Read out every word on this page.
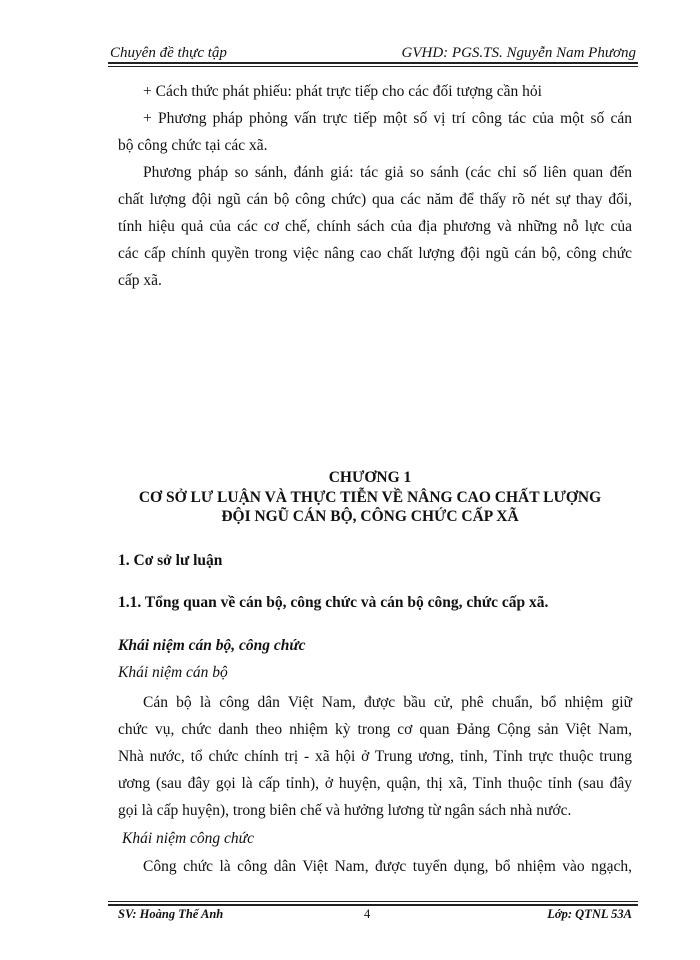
Chuyên đề thực tập	GVHD: PGS.TS. Nguyễn Nam Phương

+ Cách thức phát phiếu: phát trực tiếp cho các đối tượng cần hỏi

+ Phương pháp phỏng vấn trực tiếp một số vị trí công tác của một số cán

bộ công chức tại các xã.

Phương pháp so sánh, đánh giá: tác giả so sánh (các chỉ số liên quan đến

chất lượng đội ngũ cán bộ công chức) qua các năm để thấy rõ nét sự thay đổi,

tính hiệu quả của các cơ chế, chính sách của địa phương và những nỗ lực của

các cấp chính quyền trong việc nâng cao chất lượng đội ngũ cán bộ, công chức

cấp xã.

CHƯƠNG 1
CƠ SỞ LƯ LUẬN VÀ THỰC TIỄN VỀ NÂNG CAO CHẤT LƯỢNG
ĐỘI NGŨ CÁN BỘ, CÔNG CHỨC CẤP XÃ
1. Cơ sở lư luận
1.1. Tổng quan về cán bộ, công chức và cán bộ công, chức cấp xã.
Khái niệm cán bộ, công chức
Khái niệm cán bộ

Cán bộ là công dân Việt Nam, được bầu cử, phê chuẩn, bổ nhiệm giữ

chức vụ, chức danh theo nhiệm kỳ trong cơ quan Đảng Cộng sản Việt Nam,

Nhà nước, tổ chức chính trị - xã hội ở Trung ương, tỉnh, Tỉnh trực thuộc trung

ương (sau đây gọi là cấp tỉnh), ở huyện, quận, thị xã, Tỉnh thuộc tỉnh (sau đây

gọi là cấp huyện), trong biên chế và hưởng lương từ ngân sách nhà nước.

Khái niệm công chức

Công chức là công dân Việt Nam, được tuyển dụng, bổ nhiệm vào ngạch,

SV: Hoàng Thế Anh	4	Lớp: QTNL 53A
